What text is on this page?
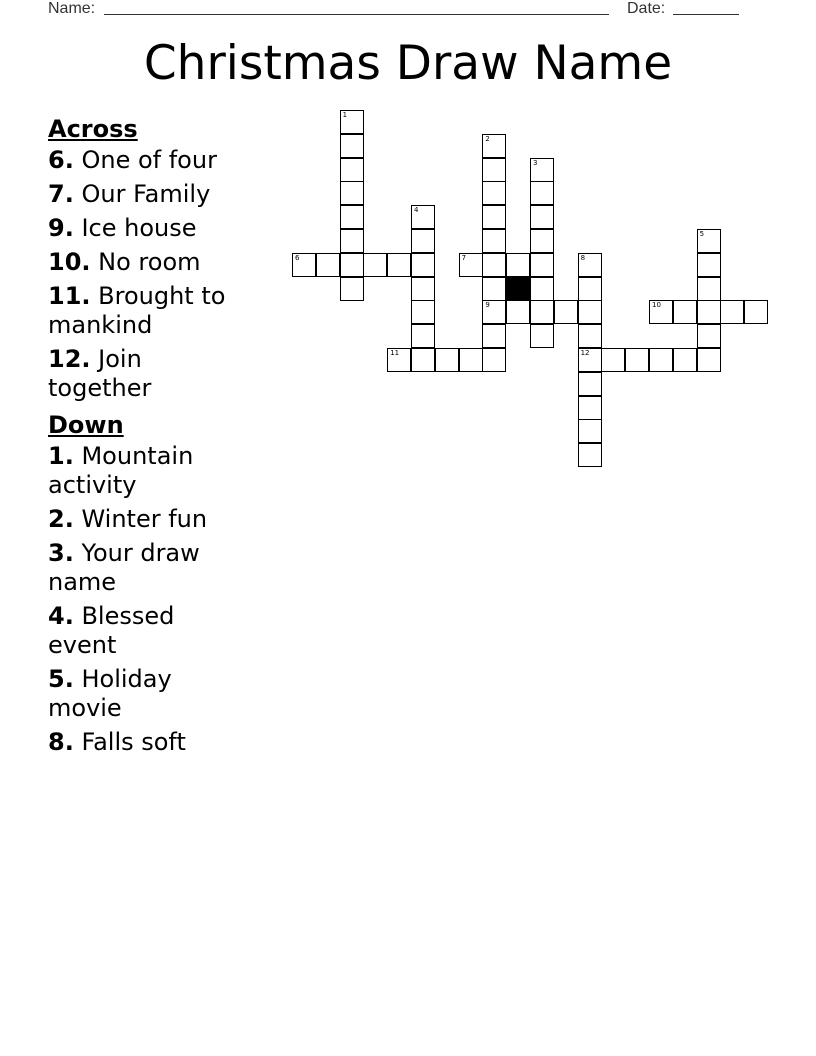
Name:	Date:
Christmas Draw Name
Across
6. One of four
7. Our Family
9. Ice house
10. No room
11. Brought to mankind
12. Join together
Down
1. Mountain activity
2. Winter fun
3. Your draw name
4. Blessed event
5. Holiday movie
8. Falls soft
1
2
9
3
4
5
8
12
6	7
10
11
